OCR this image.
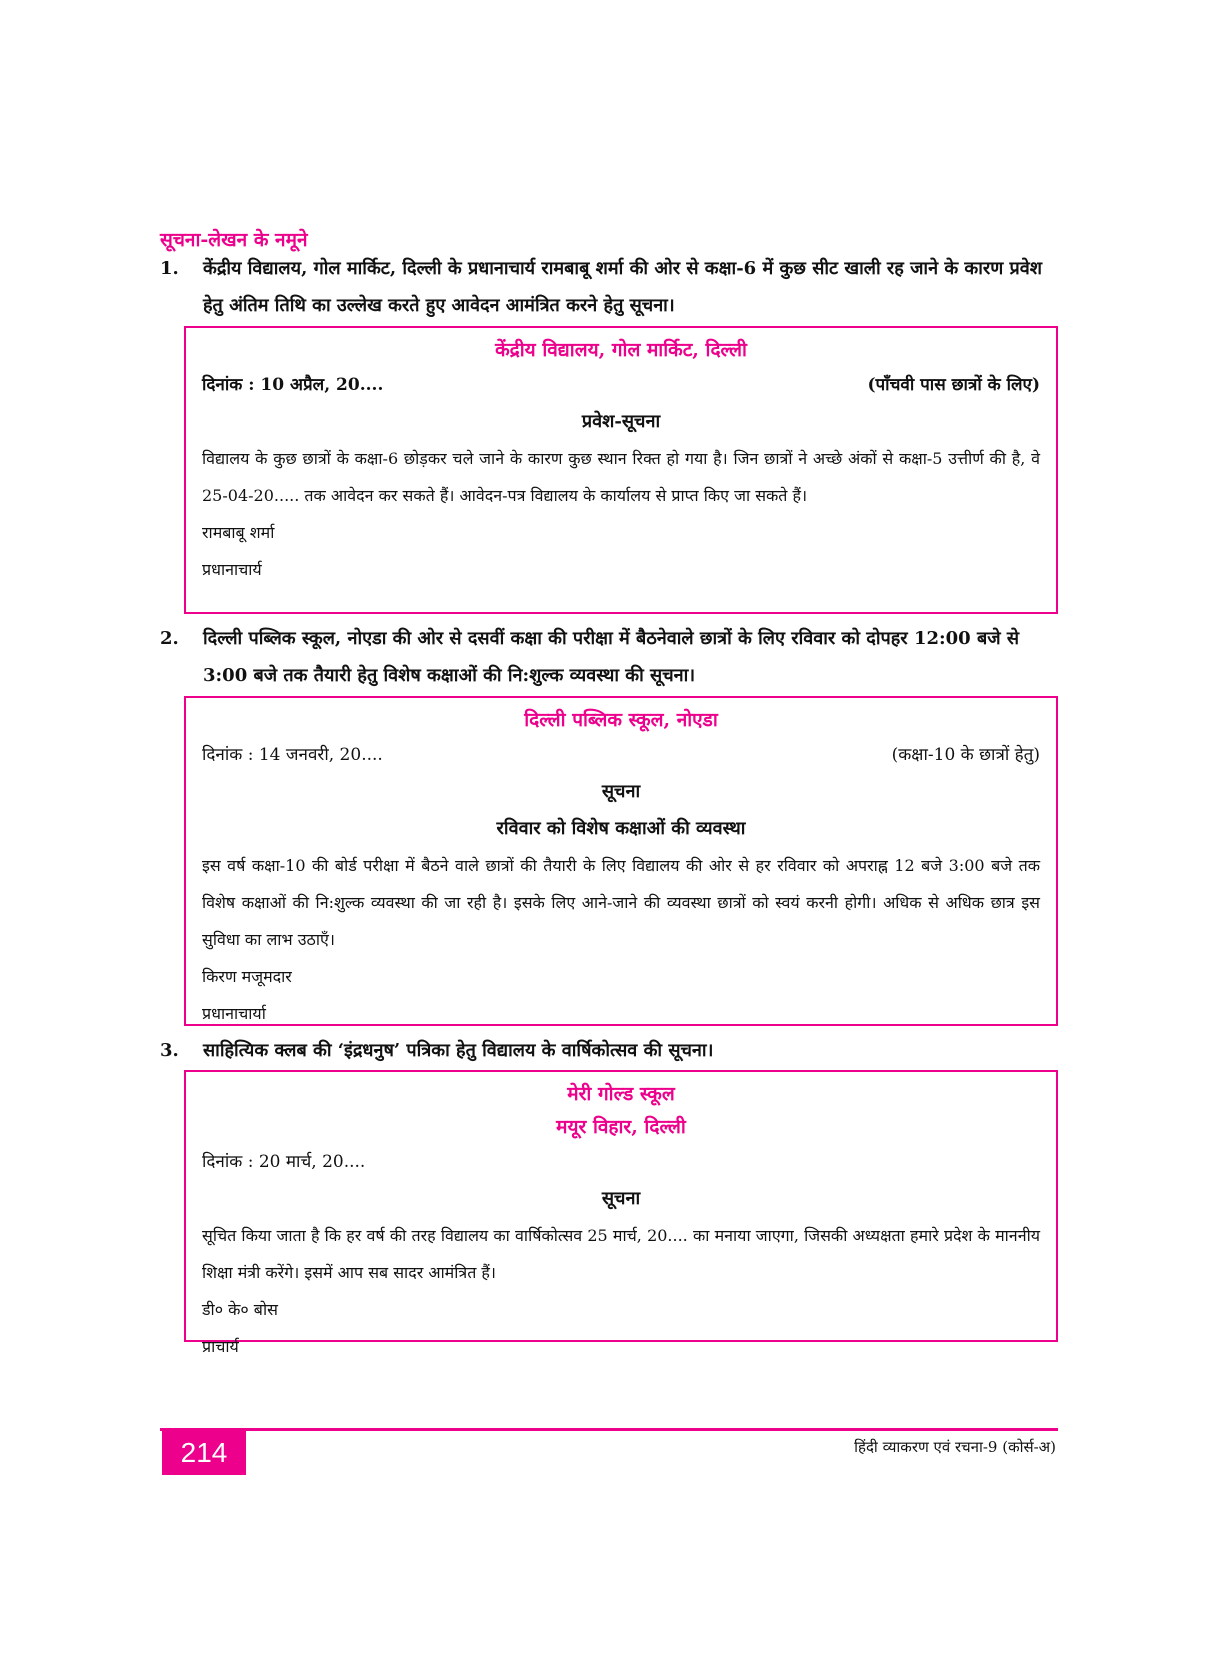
सूचना-लेखन के नमूने
1.	केंद्रीय विद्यालय, गोल मार्किट, दिल्ली के प्रधानाचार्य रामबाबू शर्मा की ओर से कक्षा-6 में कुछ सीट खाली रह जाने के कारण प्रवेश हेतु अंतिम तिथि का उल्लेख करते हुए आवेदन आमंत्रित करने हेतु सूचना।
केंद्रीय विद्यालय, गोल मार्किट, दिल्ली
दिनांक : 10 अप्रैल, 20....	(पाँचवी पास छात्रों के लिए)
प्रवेश-सूचना
विद्यालय के कुछ छात्रों के कक्षा-6 छोड़कर चले जाने के कारण कुछ स्थान रिक्त हो गया है। जिन छात्रों ने अच्छे अंकों से कक्षा-5 उत्तीर्ण की है, वे 25-04-20..... तक आवेदन कर सकते हैं। आवेदन-पत्र विद्यालय के कार्यालय से प्राप्त किए जा सकते हैं।
रामबाबू शर्मा
प्रधानाचार्य
2.	दिल्ली पब्लिक स्कूल, नोएडा की ओर से दसवीं कक्षा की परीक्षा में बैठनेवाले छात्रों के लिए रविवार को दोपहर 12:00 बजे से 3:00 बजे तक तैयारी हेतु विशेष कक्षाओं की नि:शुल्क व्यवस्था की सूचना।
दिल्ली पब्लिक स्कूल, नोएडा
दिनांक : 14 जनवरी, 20....	(कक्षा-10 के छात्रों हेतु)
सूचना
रविवार को विशेष कक्षाओं की व्यवस्था
इस वर्ष कक्षा-10 की बोर्ड परीक्षा में बैठने वाले छात्रों की तैयारी के लिए विद्यालय की ओर से हर रविवार को अपराह्न 12 बजे 3:00 बजे तक विशेष कक्षाओं की नि:शुल्क व्यवस्था की जा रही है। इसके लिए आने-जाने की व्यवस्था छात्रों को स्वयं करनी होगी। अधिक से अधिक छात्र इस सुविधा का लाभ उठाएँ।
किरण मजूमदार
प्रधानाचार्या
3.	साहित्यिक क्लब की ‘इंद्रधनुष’ पत्रिका हेतु विद्यालय के वार्षिकोत्सव की सूचना।
मेरी गोल्ड स्कूल
मयूर विहार, दिल्ली
दिनांक : 20 मार्च, 20....
सूचना
सूचित किया जाता है कि हर वर्ष की तरह विद्यालय का वार्षिकोत्सव 25 मार्च, 20.... का मनाया जाएगा, जिसकी अध्यक्षता हमारे प्रदेश के माननीय शिक्षा मंत्री करेंगे। इसमें आप सब सादर आमंत्रित हैं।
डी० के० बोस
प्राचार्य
214	हिंदी व्याकरण एवं रचना-9 (कोर्स-अ)
